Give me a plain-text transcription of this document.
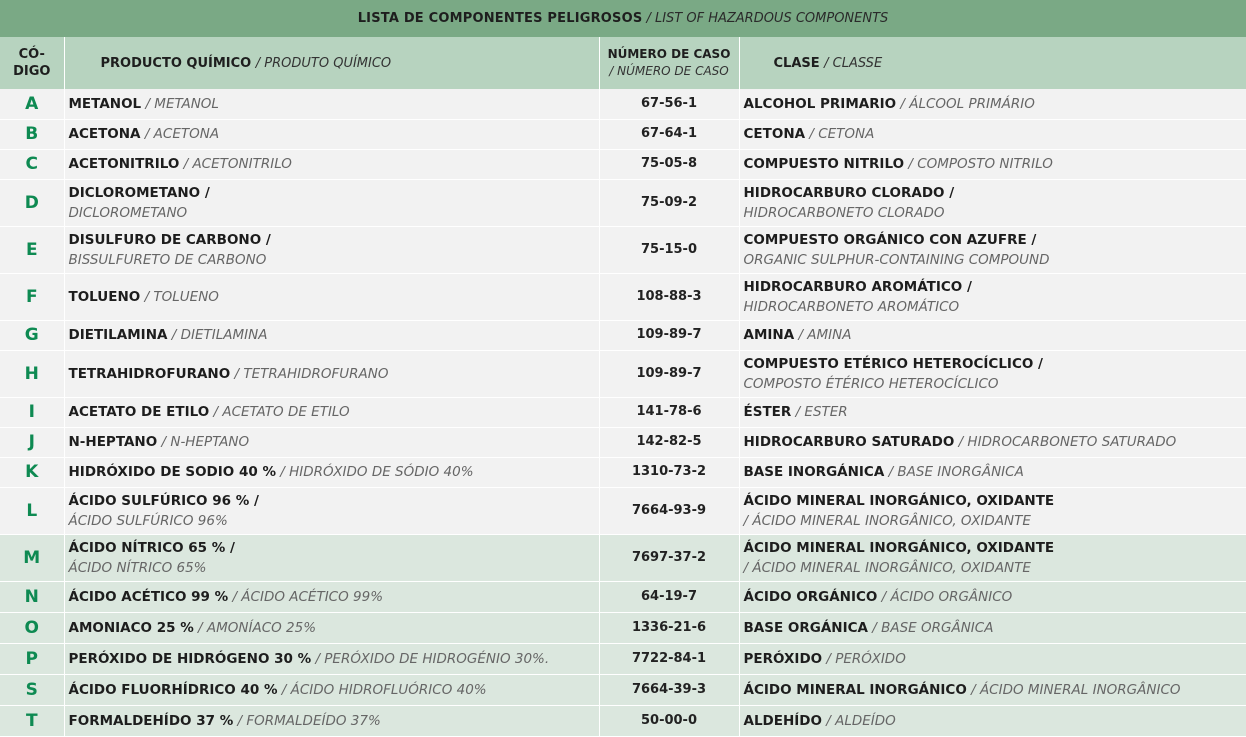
LISTA DE COMPONENTES PELIGROSOS / LIST OF HAZARDOUS COMPONENTS
CÓ-
DIGO	PRODUCTO QUÍMICO / PRODUTO QUÍMICO	NÚMERO DE CASO
/ NÚMERO DE CASO	CLASE / CLASSE
A	METANOL / METANOL	67-56-1	ALCOHOL PRIMARIO / ÁLCOOL PRIMÁRIO
B	ACETONA / ACETONA	67-64-1	CETONA / CETONA
C	ACETONITRILO / ACETONITRILO	75-05-8	COMPUESTO NITRILO / COMPOSTO NITRILO
D	DICLOROMETANO /
DICLOROMETANO	75-09-2	HIDROCARBURO CLORADO /
HIDROCARBONETO CLORADO
E	DISULFURO DE CARBONO /
BISSULFURETO DE CARBONO	75-15-0	COMPUESTO ORGÁNICO CON AZUFRE /
ORGANIC SULPHUR-CONTAINING COMPOUND
F	TOLUENO / TOLUENO	108-88-3	HIDROCARBURO AROMÁTICO /
HIDROCARBONETO AROMÁTICO
G	DIETILAMINA / DIETILAMINA	109-89-7	AMINA / AMINA
H	TETRAHIDROFURANO / TETRAHIDROFURANO	109-89-7	COMPUESTO ETÉRICO HETEROCÍCLICO /
COMPOSTO ÉTÉRICO HETEROCÍCLICO
I	ACETATO DE ETILO / ACETATO DE ETILO	141-78-6	ÉSTER / ESTER
J	N-HEPTANO / N-HEPTANO	142-82-5	HIDROCARBURO SATURADO / HIDROCARBONETO SATURADO
K	HIDRÓXIDO DE SODIO 40 % / HIDRÓXIDO DE SÓDIO 40%	1310-73-2	BASE INORGÁNICA / BASE INORGÂNICA
L	ÁCIDO SULFÚRICO 96 % /
ÁCIDO SULFÚRICO 96%	7664-93-9	ÁCIDO MINERAL INORGÁNICO, OXIDANTE
/ ÁCIDO MINERAL INORGÂNICO, OXIDANTE
M	ÁCIDO NÍTRICO 65 % /
ÁCIDO NÍTRICO 65%	7697-37-2	ÁCIDO MINERAL INORGÁNICO, OXIDANTE
/ ÁCIDO MINERAL INORGÂNICO, OXIDANTE
N	ÁCIDO ACÉTICO 99 % / ÁCIDO ACÉTICO 99%	64-19-7	ÁCIDO ORGÁNICO / ÁCIDO ORGÂNICO
O	AMONIACO 25 % / AMONÍACO 25%	1336-21-6	BASE ORGÁNICA / BASE ORGÂNICA
P	PERÓXIDO DE HIDRÓGENO 30 % / PERÓXIDO DE HIDROGÉNIO 30%.	7722-84-1	PERÓXIDO / PERÓXIDO
S	ÁCIDO FLUORHÍDRICO 40 % / ÁCIDO HIDROFLUÓRICO 40%	7664-39-3	ÁCIDO MINERAL INORGÁNICO / ÁCIDO MINERAL INORGÂNICO
T	FORMALDEHÍDO 37 % / FORMALDEÍDO 37%	50-00-0	ALDEHÍDO / ALDEÍDO
